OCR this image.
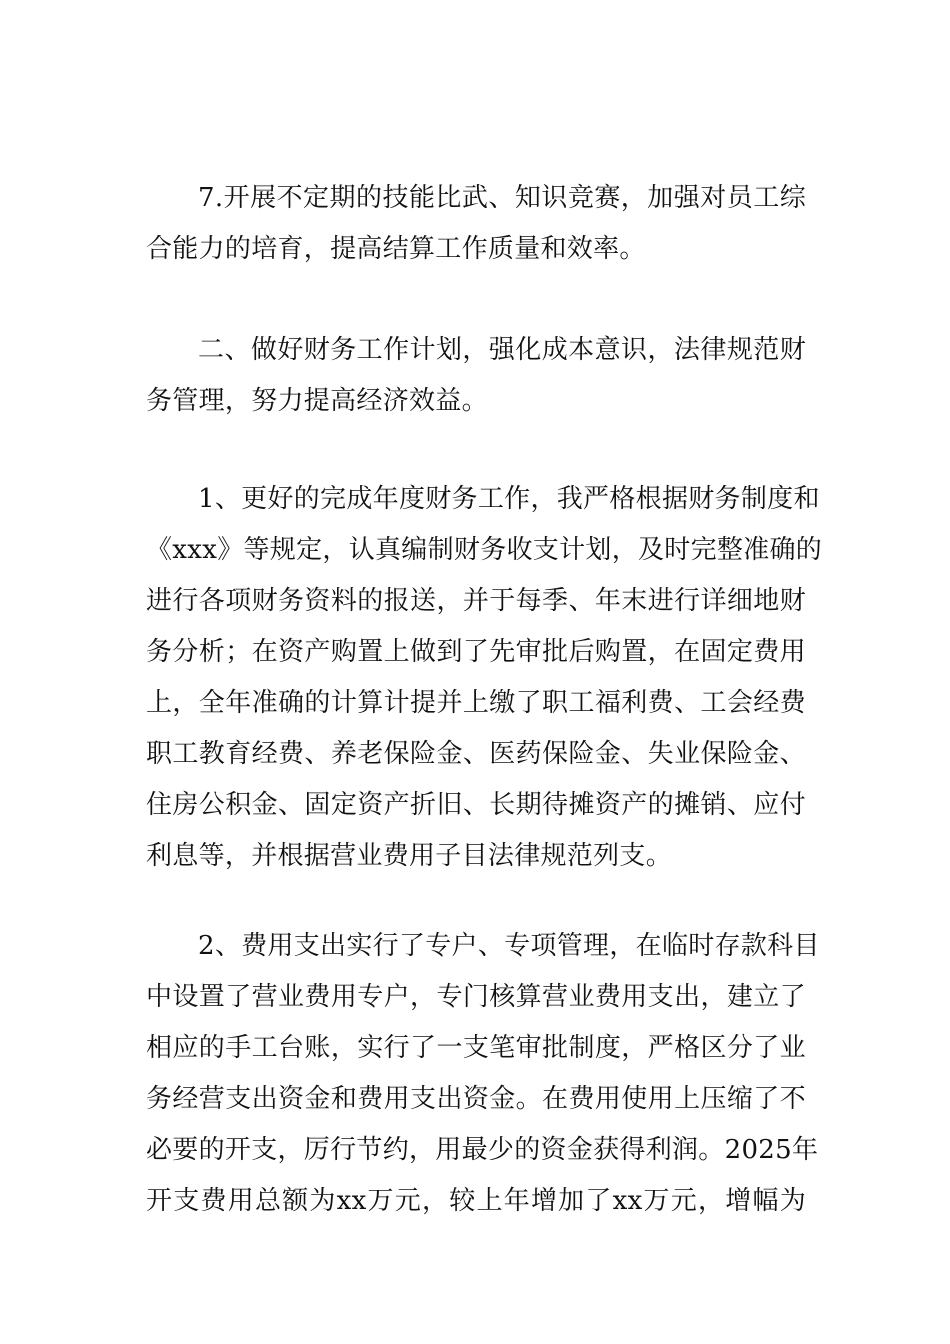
7.开展不定期的技能比武、知识竞赛，加强对员工综
合能力的培育，提高结算工作质量和效率。
二、做好财务工作计划，强化成本意识，法律规范财
务管理，努力提高经济效益。
1、更好的完成年度财务工作，我严格根据财务制度和
《xxx》等规定，认真编制财务收支计划，及时完整准确的
进行各项财务资料的报送，并于每季、年末进行详细地财
务分析；在资产购置上做到了先审批后购置，在固定费用
上，全年准确的计算计提并上缴了职工福利费、工会经费
职工教育经费、养老保险金、医药保险金、失业保险金、
住房公积金、固定资产折旧、长期待摊资产的摊销、应付
利息等，并根据营业费用子目法律规范列支。
2、费用支出实行了专户、专项管理，在临时存款科目
中设置了营业费用专户，专门核算营业费用支出，建立了
相应的手工台账，实行了一支笔审批制度，严格区分了业
务经营支出资金和费用支出资金。在费用使用上压缩了不
必要的开支，厉行节约，用最少的资金获得利润。2025年
开支费用总额为xx万元，较上年增加了xx万元，增幅为
